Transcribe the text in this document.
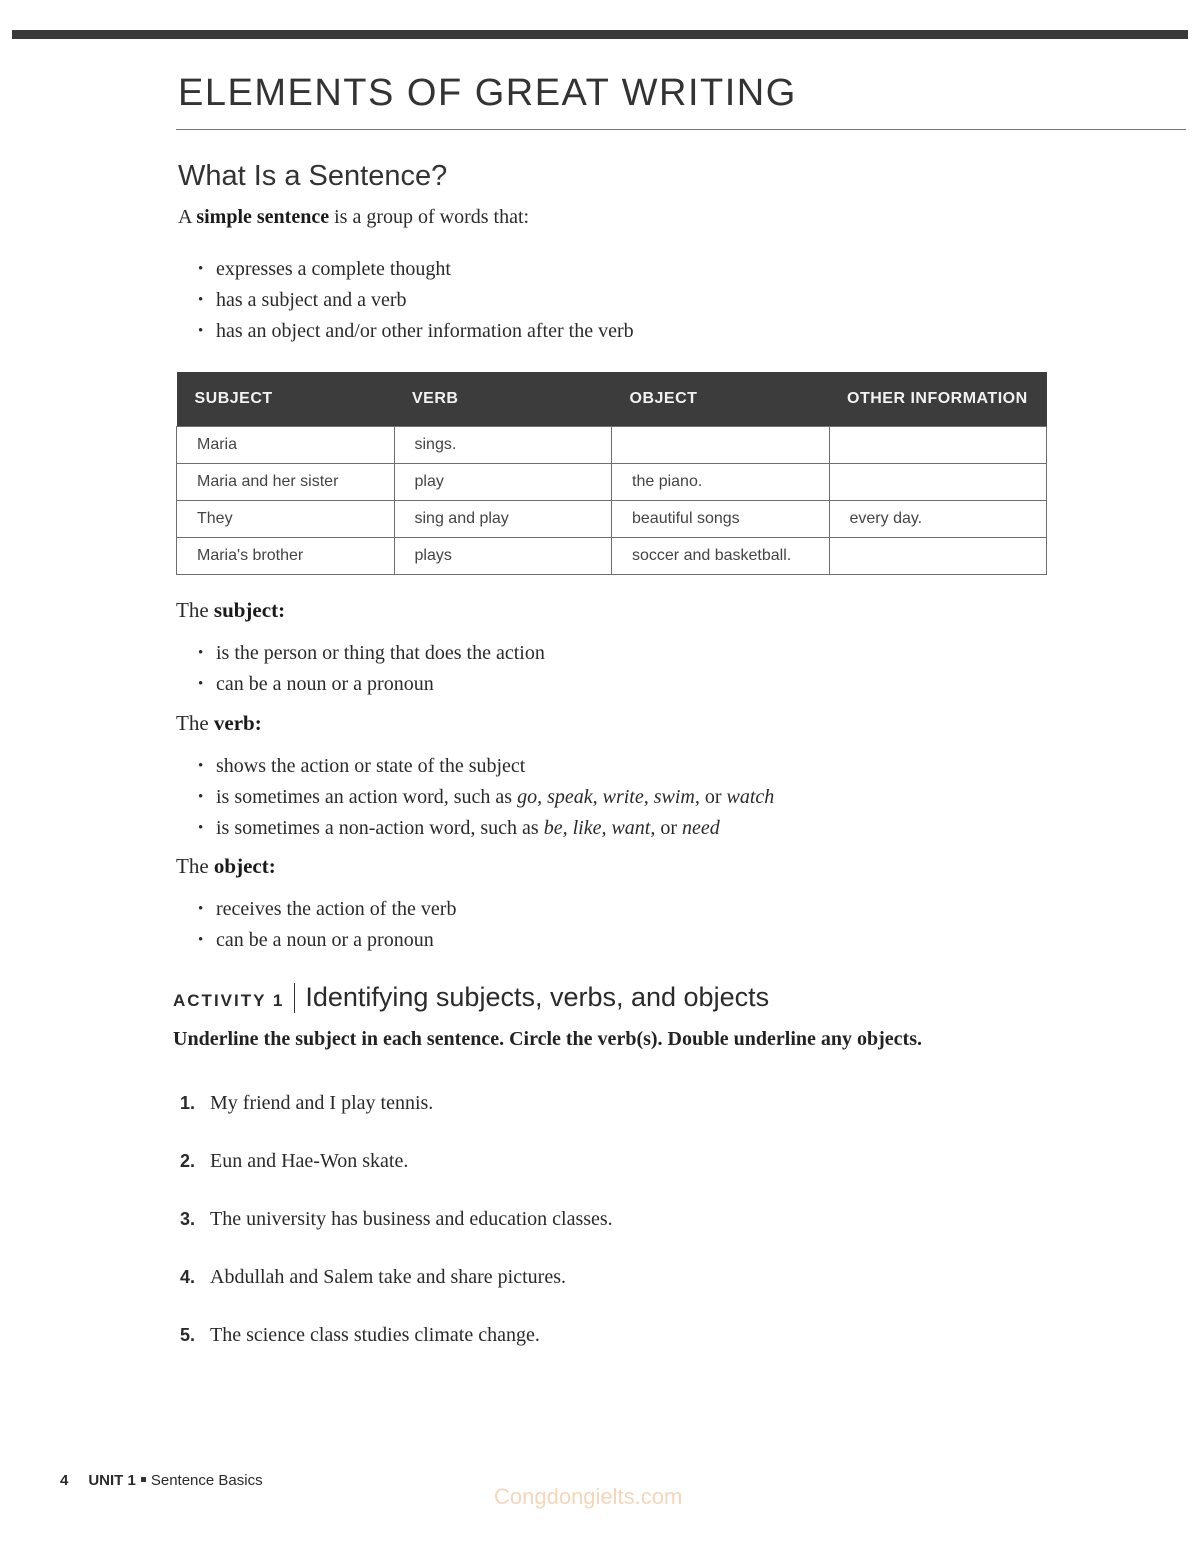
ELEMENTS OF GREAT WRITING
What Is a Sentence?

A simple sentence is a group of words that:

• expresses a complete thought
• has a subject and a verb
• has an object and/or other information after the verb
SUBJECT	VERB	OBJECT	OTHER INFORMATION
Maria	sings.		
Maria and her sister	play	the piano.	
They	sing and play	beautiful songs	every day.
Maria's brother	plays	soccer and basketball.	

The subject:

• is the person or thing that does the action
• can be a noun or a pronoun

The verb:

• shows the action or state of the subject
• is sometimes an action word, such as go, speak, write, swim, or watch
• is sometimes a non-action word, such as be, like, want, or need

The object:

• receives the action of the verb
• can be a noun or a pronoun
ACTIVITY 1 Identifying subjects, verbs, and objects

Underline the subject in each sentence. Circle the verb(s). Double underline any objects.

1. My friend and I play tennis.
2. Eun and Hae-Won skate.
3. The university has business and education classes.
4. Abdullah and Salem take and share pictures.
5. The science class studies climate change.
4 UNIT 1 Sentence Basics
Congdongielts.com
